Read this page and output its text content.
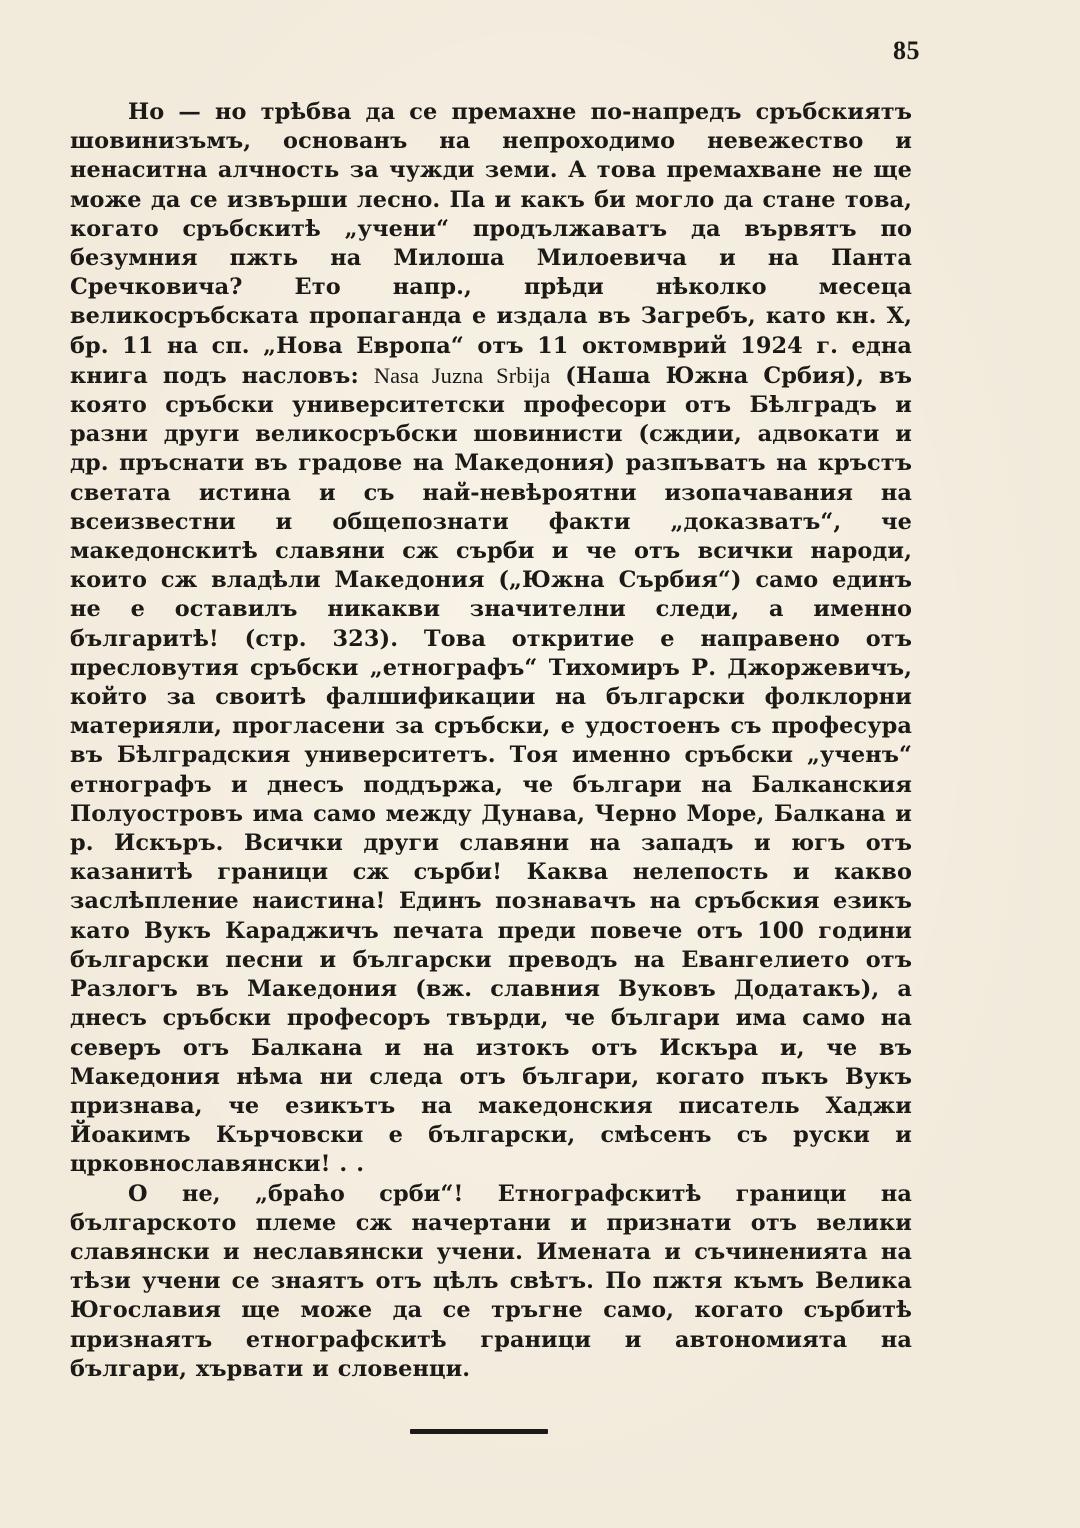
85

Но — но трѣбва да се премахне по-напредъ сръбскиятъ шовинизъмъ, основанъ на непроходимо невежество и ненаситна алчность за чужди земи. А това премахване не ще може да се извърши лесно. Па и какъ би могло да стане това, когато сръбскитѣ „учени“ продължаватъ да вървятъ по безумния пжть на Милоша Милоевича и на Панта Сречковича? Ето напр., прѣди нѣколко месеца великосръбската пропаганда е издала въ Загребъ, като кн. X, бр. 11 на сп. „Нова Европа“ отъ 11 октомврий 1924 г. една книга подъ насловъ: Nasa Juzna Srbija (Наша Южна Србия), въ която сръбски университетски професори отъ Бѣлградъ и разни други великосръбски шовинисти (сждии, адвокати и др. пръснати въ градове на Македония) разпъватъ на кръстъ светата истина и съ най-невѣроятни изопачавания на всеизвестни и общепознати факти „доказватъ“, че македонскитѣ славяни сж сърби и че отъ всички народи, които сж владѣли Македония („Южна Сърбия“) само единъ не е оставилъ никакви значителни следи, а именно българитѣ! (стр. 323). Това откритие е направено отъ пресловутия сръбски „етнографъ“ Тихомиръ Р. Джоржевичъ, който за своитѣ фалшификации на български фолклорни материяли, прогласени за сръбски, е удостоенъ съ професура въ Бѣлградския университетъ. Тоя именно сръбски „ученъ“ етнографъ и днесъ поддържа, че българи на Балканския Полуостровъ има само между Дунава, Черно Море, Балкана и р. Искъръ. Всички други славяни на западъ и югъ отъ казанитѣ граници сж сърби! Каква нелепость и какво заслѣпление наистина! Единъ познавачъ на сръбския езикъ като Вукъ Караджичъ печата преди повече отъ 100 години български песни и български преводъ на Евангелието отъ Разлогъ въ Македония (вж. славния Вуковъ Додатакъ), а днесъ сръбски професоръ твърди, че българи има само на северъ отъ Балкана и на изтокъ отъ Искъра и, че въ Македония нѣма ни следа отъ българи, когато пъкъ Вукъ признава, че езикътъ на македонския писатель Хаджи Йоакимъ Кърчовски е български, смѣсенъ съ руски и црковнославянски! . .

О не, „браћо срби“! Етнографскитѣ граници на българското племе сж начертани и признати отъ велики славянски и неславянски учени. Имената и съчиненията на тѣзи учени се знаятъ отъ цѣлъ свѣтъ. По пжтя къмъ Велика Югославия ще може да се тръгне само, когато сърбитѣ признаятъ етнографскитѣ граници и автономията на българи, хървати и словенци.
